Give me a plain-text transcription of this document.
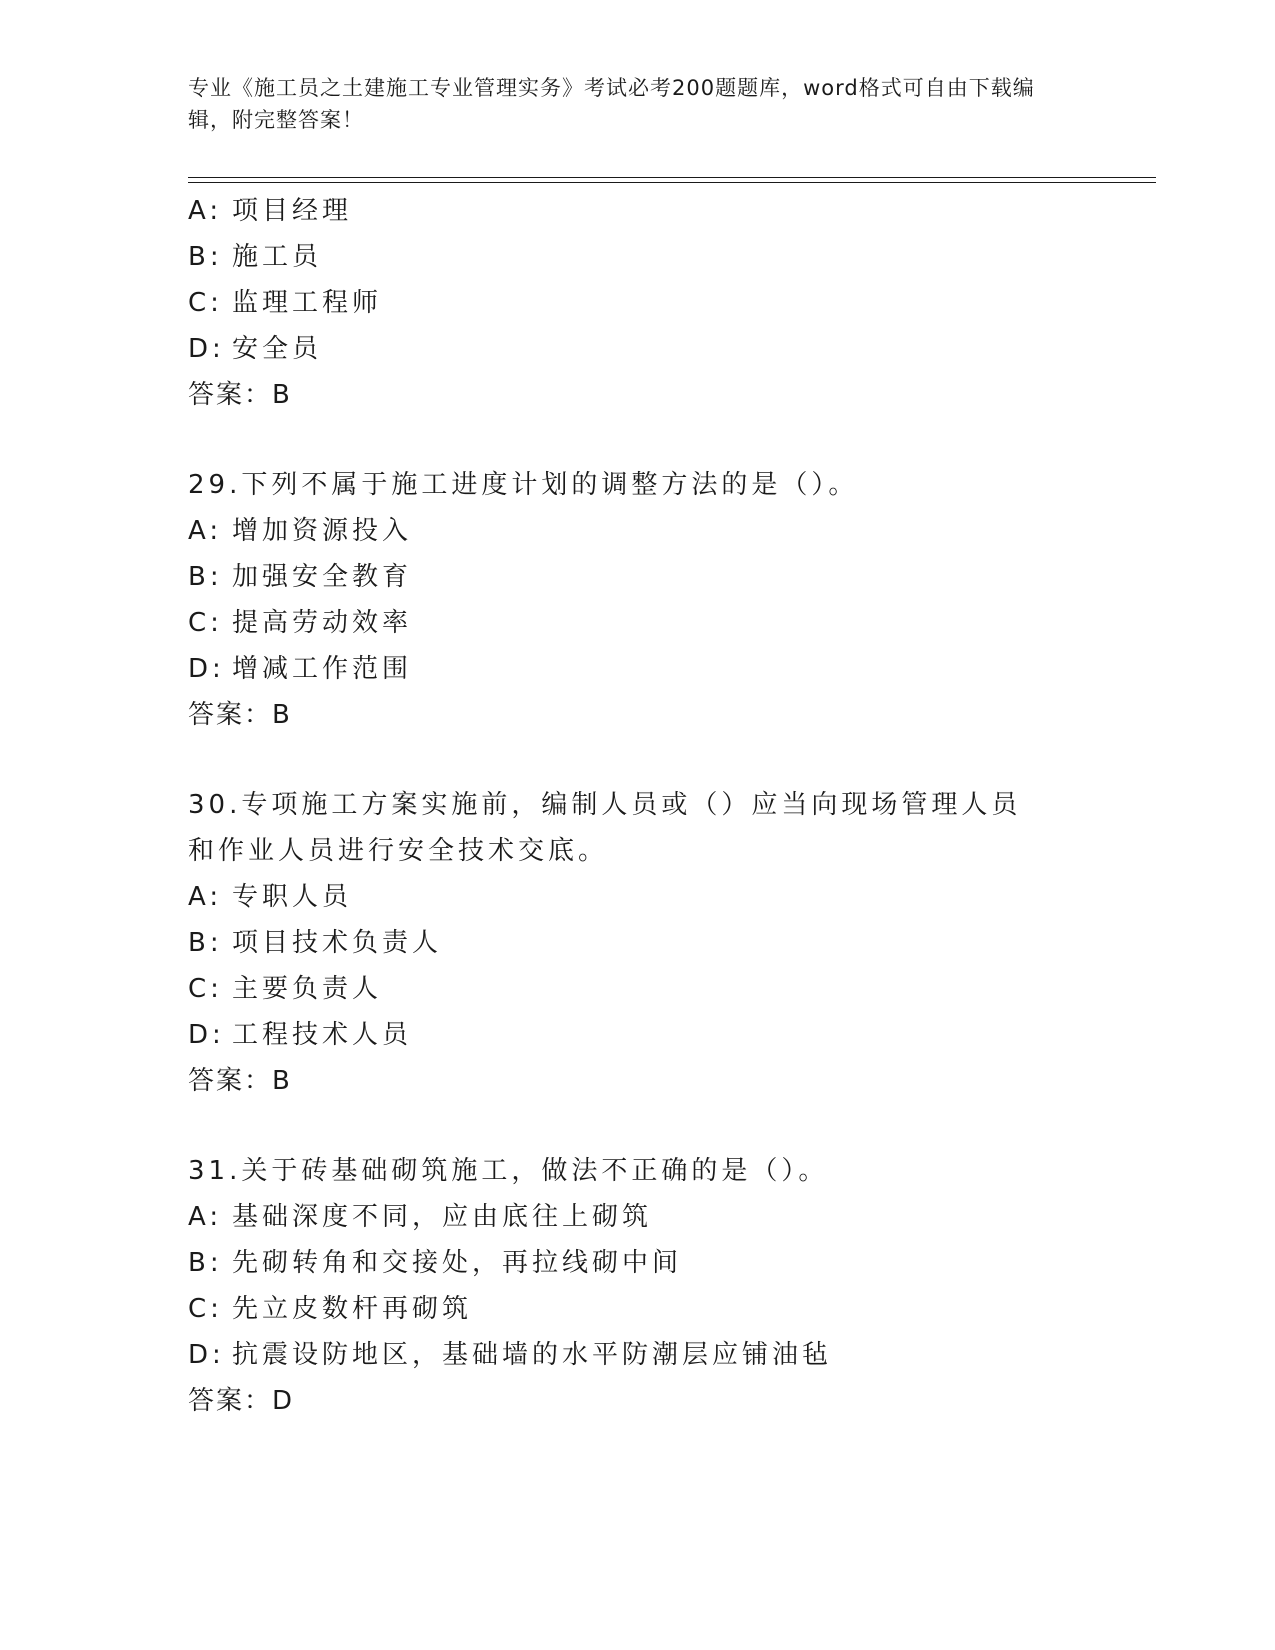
专业《施工员之土建施工专业管理实务》考试必考200题题库，word格式可自由下载编辑，附完整答案！
A: 项目经理
B: 施工员
C: 监理工程师
D: 安全员
答案：B
29.下列不属于施工进度计划的调整方法的是（）。
A: 增加资源投入
B: 加强安全教育
C: 提高劳动效率
D: 增减工作范围
答案：B
30.专项施工方案实施前，编制人员或（）应当向现场管理人员和作业人员进行安全技术交底。
A: 专职人员
B: 项目技术负责人
C: 主要负责人
D: 工程技术人员
答案：B
31.关于砖基础砌筑施工，做法不正确的是（）。
A: 基础深度不同，应由底往上砌筑
B: 先砌转角和交接处，再拉线砌中间
C: 先立皮数杆再砌筑
D: 抗震设防地区，基础墙的水平防潮层应铺油毡
答案：D
